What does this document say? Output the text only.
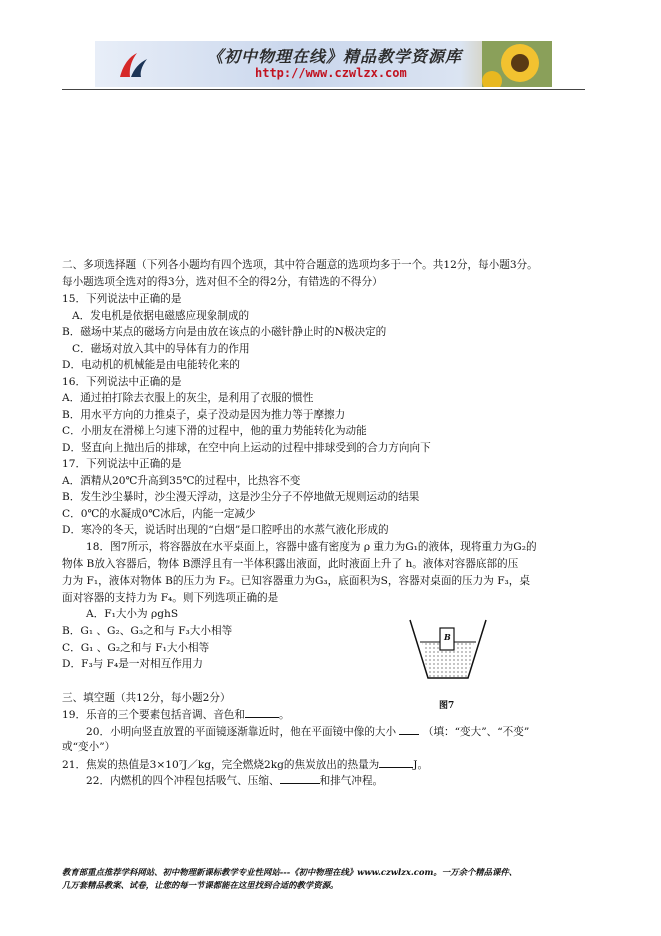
《初中物理在线》精品教学资源库
http://www.czwlzx.com
二、多项选择题（下列各小题均有四个选项，其中符合题意的选项均多于一个。共12分，每小题3分。
每小题选项全选对的得3分，选对但不全的得2分，有错选的不得分）
15．下列说法中正确的是
A．发电机是依据电磁感应现象制成的
B．磁场中某点的磁场方向是由放在该点的小磁针静止时的N极决定的
C．磁场对放入其中的导体有力的作用
D．电动机的机械能是由电能转化来的
16．下列说法中正确的是
A．通过拍打除去衣服上的灰尘，是利用了衣服的惯性
B．用水平方向的力推桌子，桌子没动是因为推力等于摩擦力
C．小朋友在滑梯上匀速下滑的过程中，他的重力势能转化为动能
D．竖直向上抛出后的排球，在空中向上运动的过程中排球受到的合力方向向下
17．下列说法中正确的是
A．酒精从20℃升高到35℃的过程中，比热容不变
B．发生沙尘暴时，沙尘漫天浮动，这是沙尘分子不停地做无规则运动的结果
C．0℃的水凝成0℃冰后，内能一定减少
D．寒冷的冬天，说话时出现的“白烟”是口腔呼出的水蒸气液化形成的
18．图7所示，将容器放在水平桌面上，容器中盛有密度为 ρ 重力为G₁的液体，现将重力为G₂的
物体 B放入容器后，物体 B漂浮且有一半体积露出液面，此时液面上升了 h。液体对容器底部的压
力为 F₁，液体对物体 B的压力为 F₂。已知容器重力为G₃，底面积为S，容器对桌面的压力为 F₃，桌
面对容器的支持力为 F₄。则下列选项正确的是
A．F₁大小为 ρghS
B．G₁ 、G₂、G₃之和与 F₃大小相等
C．G₁ 、G₂之和与 F₁大小相等
D．F₃与 F₄是一对相互作用力
B
图7
三、填空题（共12分，每小题2分）
19．乐音的三个要素包括音调、音色和	。
20．小明向竖直放置的平面镜逐渐靠近时，他在平面镜中像的大小	（填：“变大”、“不变”
或“变小”）
21．焦炭的热值是3×10⁷J／kg，完全燃烧2kg的焦炭放出的热量为	J。
22．内燃机的四个冲程包括吸气、压缩、	和排气冲程。
教育部重点推荐学科网站、初中物理新课标教学专业性网站---《初中物理在线》www.czwlzx.com。一万余个精品课件、
几万套精品教案、试卷，让您的每一节课都能在这里找到合适的教学资源。
